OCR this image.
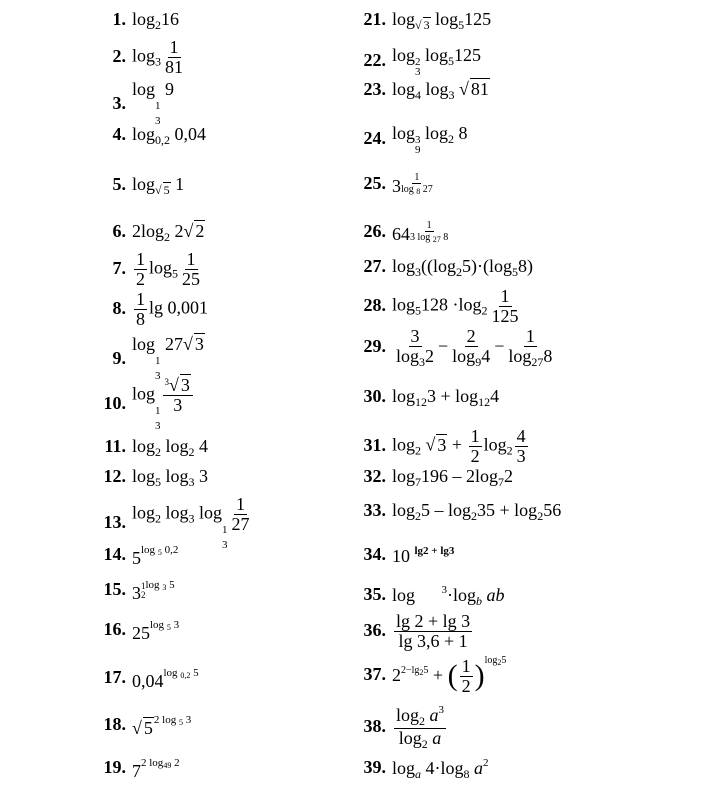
1. $\log_216$
2. $\log_3 \frac{1}{81}$
3.log
1
3
9
4. $\log_{0,2} 0,04$
5. $\log_{√ 5} 1$
6. $2\log_2$ 2√ 2
7. $\frac{1}{2} \log_5 \frac{1}{25}$
8. $\frac{1}{8}$ lg 0,001
9.log
1
3
27√ 3
10. log
1
3
$\frac{^3√ 3}{3}$
11. $\log_2 \log_2 4$
12. $\log_5 \log_3 3$
13. $\log_2 \log_3 \log$
1
3
$\frac{1}{27}$
14. $5^{log _5 0,2}$
15. 3 1
2
$^{log _3 5}$
16. $25^{log _5 3}$
17. $0,04^{log _{0,2} 5}$
18. √ $5^{2 log _5 3}$
19. $7^{2 log_{49} 2}$
21. $\log_{√ 3} \log_5125$
22. log 2
3
$\log_5125$
23. $\log_4 \log_3$ √ 81
24. log 3
9
$\log_2 8$
25. $3 \frac{1}{\log _8 27}$
26. $64 \frac{1}{3 \log _{27} 8}$
27. $\log_3((\log_25)\cdot(\log_58)$
28. $\log_5128 \cdot\log_2 \frac{1}{125}$
29. $\frac{3}{\log_32} - \frac{2}{\log_94} - \frac{1}{\log_{27}8}$
30. $\log_{12}3 + \log_{12}4$
31. $\log_2$ √ $3 + \frac{1}{2} \log_2 \frac{4}{3}$
32. $\log_7196 - 2\log_72$
33. $\log_25 - \log_235 + \log_256$
34. 10 $^{lg2 + lg3}$
35. $\log ^3\cdot\log_b$ ab
36. $\frac{\lg 2 + \lg 3}{\lg 3,6 + 1}$
37. $2^{2-lg_25}$ + ( $\frac{1}{2} )^{log_25}$
38. $\frac{\log_2 a^3}{\log_2 a}$
39. $\log_a 4\cdot\log_8$ $a^2$
